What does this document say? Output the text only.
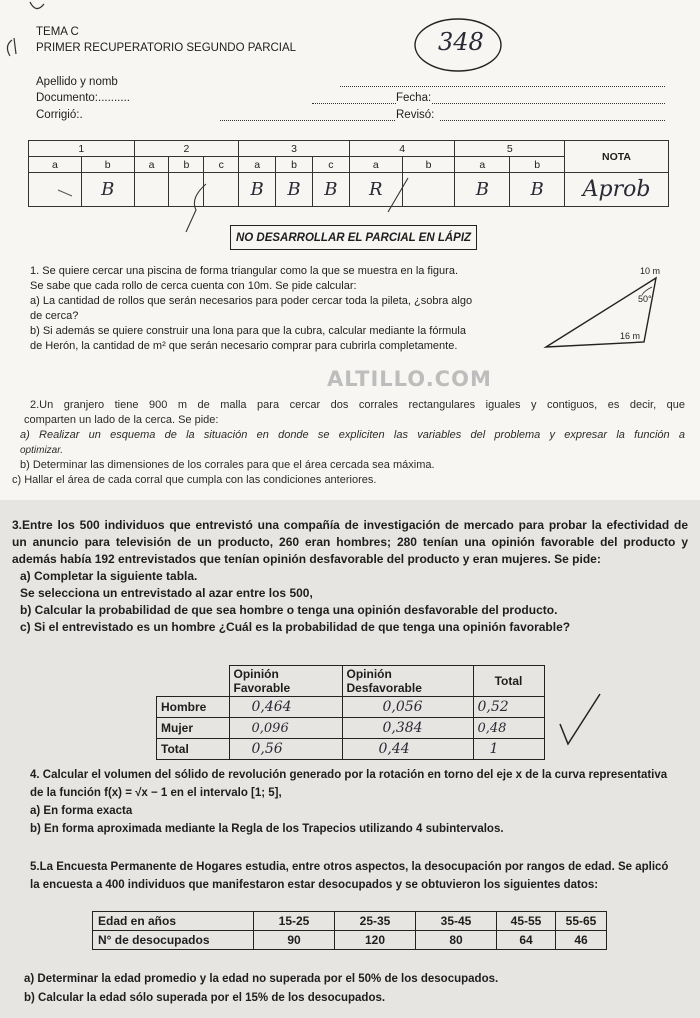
TEMA C
PRIMER RECUPERATORIO SEGUNDO PARCIAL	348
Apellido y nomb
Documento:..........	Fecha:
Corrigió:.	Revisó:
1		2			3			4		5		NOTA
a	b	a	b	c	a	b	c	a	b	a	b	
	B				B	B	B	R		B	B	Aprob
NO DESARROLLAR EL PARCIAL EN LÁPIZ
1. Se quiere cercar una piscina de forma triangular como la que se muestra en la figura.
Se sabe que cada rollo de cerca cuenta con 10m. Se pide calcular:
a) La cantidad de rollos que serán necesarios para poder cercar toda la pileta, ¿sobra algo
de cerca?
b) Si además se quiere construir una lona para que la cubra, calcular mediante la fórmula
de Herón, la cantidad de m² que serán necesario comprar para cubrirla completamente.
10 m
50°
16 m
ALTILLO.COM
2.Un granjero tiene 900 m de malla para cercar dos corrales rectangulares iguales y contiguos, es decir, que
comparten un lado de la cerca. Se pide:
a) Realizar un esquema de la situación en donde se expliciten las variables del problema y expresar la función a
optimizar.
b) Determinar las dimensiones de los corrales para que el área cercada sea máxima.
c) Hallar el área de cada corral que cumpla con las condiciones anteriores.
3.Entre los 500 individuos que entrevistó una compañía de investigación de mercado para probar la efectividad de
un anuncio para televisión de un producto, 260 eran hombres; 280 tenían una opinión favorable del producto y
además había 192 entrevistados que tenían opinión desfavorable del producto y eran mujeres. Se pide:
a) Completar la siguiente tabla.
Se selecciona un entrevistado al azar entre los 500,
b) Calcular la probabilidad de que sea hombre o tenga una opinión desfavorable del producto.
c) Si el entrevistado es un hombre ¿Cuál es la probabilidad de que tenga una opinión favorable?
	Opinión Favorable	Opinión Desfavorable	Total
Hombre	0,464	0,056	0,52
Mujer	0,096	0,384	0,48
Total	0,56	0,44	1
4. Calcular el volumen del sólido de revolución generado por la rotación en torno del eje x de la curva representativa
de la función f(x) = √x − 1 en el intervalo [1; 5],
a) En forma exacta
b) En forma aproximada mediante la Regla de los Trapecios utilizando 4 subintervalos.
5.La Encuesta Permanente de Hogares estudia, entre otros aspectos, la desocupación por rangos de edad. Se aplicó
la encuesta a 400 individuos que manifestaron estar desocupados y se obtuvieron los siguientes datos:
Edad en años	15-25	25-35	35-45	45-55	55-65
N° de desocupados	90	120	80	64	46
a) Determinar la edad promedio y la edad no superada por el 50% de los desocupados.
b) Calcular la edad sólo superada por el 15% de los desocupados.
